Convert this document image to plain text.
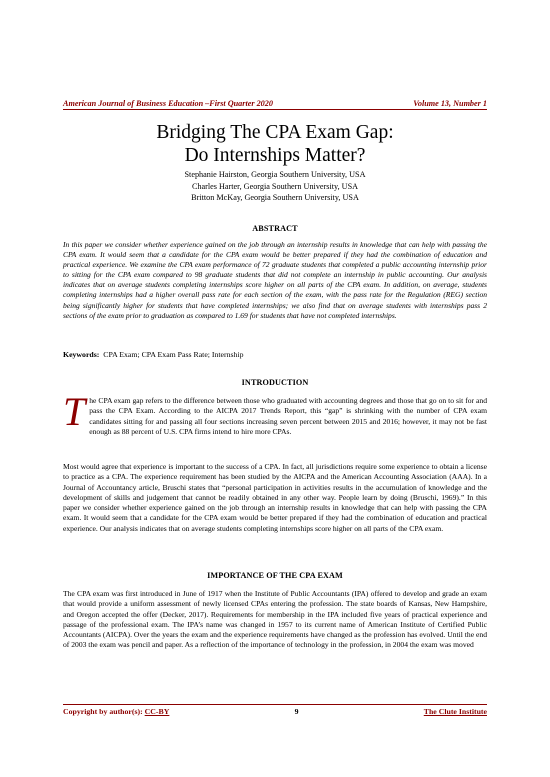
American Journal of Business Education –First Quarter 2020	Volume 13, Number 1
Bridging The CPA Exam Gap:
Do Internships Matter?
Stephanie Hairston, Georgia Southern University, USA
Charles Harter, Georgia Southern University, USA
Britton McKay, Georgia Southern University, USA
ABSTRACT

In this paper we consider whether experience gained on the job through an internship results in knowledge that can help with passing the CPA exam. It would seem that a candidate for the CPA exam would be better prepared if they had the combination of education and practical experience. We examine the CPA exam performance of 72 graduate students that completed a public accounting internship prior to sitting for the CPA exam compared to 98 graduate students that did not complete an internship in public accounting. Our analysis indicates that on average students completing internships score higher on all parts of the CPA exam. In addition, on average, students completing internships had a higher overall pass rate for each section of the exam, with the pass rate for the Regulation (REG) section being significantly higher for students that have completed internships; we also find that on average students with internships pass 2 sections of the exam prior to graduation as compared to 1.69 for students that have not completed internships.

Keywords: CPA Exam; CPA Exam Pass Rate; Internship

INTRODUCTION

The CPA exam gap refers to the difference between those who graduated with accounting degrees and those that go on to sit for and pass the CPA Exam. According to the AICPA 2017 Trends Report, this “gap” is shrinking with the number of CPA exam candidates sitting for and passing all four sections increasing seven percent between 2015 and 2016; however, it may not be fast enough as 88 percent of U.S. CPA firms intend to hire more CPAs.

Most would agree that experience is important to the success of a CPA. In fact, all jurisdictions require some experience to obtain a license to practice as a CPA. The experience requirement has been studied by the AICPA and the American Accounting Association (AAA). In a Journal of Accountancy article, Bruschi states that “personal participation in activities results in the accumulation of knowledge and the development of skills and judgement that cannot be readily obtained in any other way. People learn by doing (Bruschi, 1969).” In this paper we consider whether experience gained on the job through an internship results in knowledge that can help with passing the CPA exam. It would seem that a candidate for the CPA exam would be better prepared if they had the combination of education and practical experience. Our analysis indicates that on average students completing internships score higher on all parts of the CPA exam.

IMPORTANCE OF THE CPA EXAM

The CPA exam was first introduced in June of 1917 when the Institute of Public Accountants (IPA) offered to develop and grade an exam that would provide a uniform assessment of newly licensed CPAs entering the profession. The state boards of Kansas, New Hampshire, and Oregon accepted the offer (Decker, 2017). Requirements for membership in the IPA included five years of practical experience and passage of the professional exam. The IPA’s name was changed in 1957 to its current name of American Institute of Certified Public Accountants (AICPA). Over the years the exam and the experience requirements have changed as the profession has evolved. Until the end of 2003 the exam was pencil and paper. As a reflection of the importance of technology in the profession, in 2004 the exam was moved

Copyright by author(s): CC-BY	9	The Clute Institute
